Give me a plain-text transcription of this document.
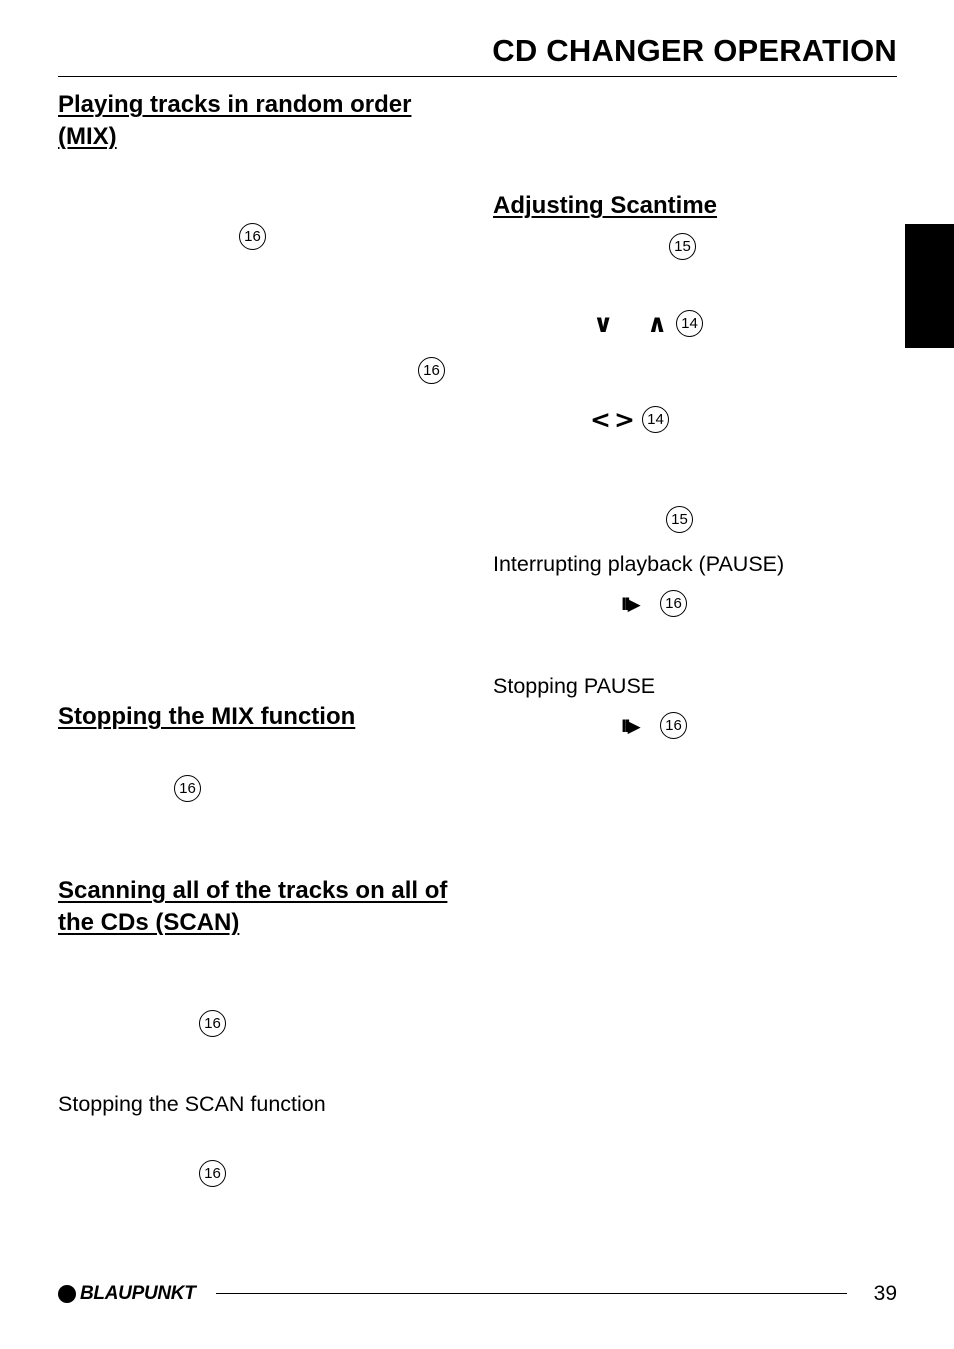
CD CHANGER OPERATION
Playing tracks in random order (MIX)
16
16
Stopping the MIX function
16
Scanning all of the tracks on all of the CDs (SCAN)
16
Stopping the SCAN function
16
Adjusting Scantime
15
∨ ∧ 14
< > 14
15
Interrupting playback (PAUSE)
II▶	16
Stopping PAUSE
II▶	16
BLAUPUNKT	39
